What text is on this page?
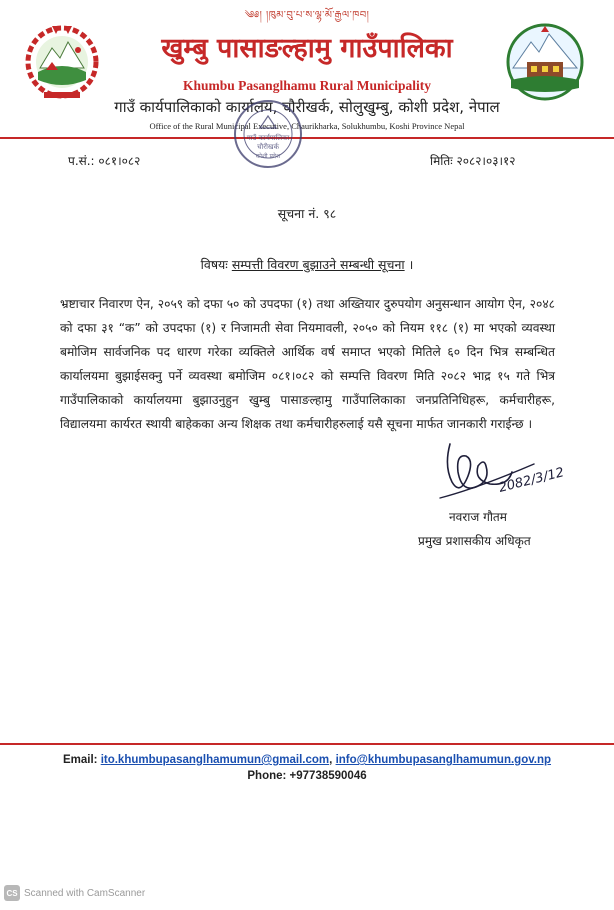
༄༅། །ཁུམ་བུ་པ་ས་ལྷ་མོ་རྒྱལ་ཁབ།
खुम्बु पासाङल्हामु गाउँपालिका
Khumbu Pasanglhamu Rural Municipality
गाउँ कार्यपालिकाको कार्यालय, चौरीखर्क, सोलुखुम्बु, कोशी प्रदेश, नेपाल
Office of the Rural Municipal Executive, Chaurikharka, Solukhumbu, Koshi Province Nepal
गाउँ कार्यपालिका
चौरीखर्क
कोशी प्रदेश
प.सं.: ०८१।०८२	मितिः २०८२।०३।१२
सूचना नं. ९८
विषयः सम्पत्ती विवरण बुझाउने सम्बन्धी सूचना ।
भ्रष्टाचार निवारण ऐन, २०५९ को दफा ५० को उपदफा (१) तथा अख्तियार दुरुपयोग अनुसन्धान आयोग ऐन, २०४८ को दफा ३१ “क” को उपदफा (१) र निजामती सेवा नियमावली, २०५० को नियम ११८ (१) मा भएको व्यवस्था बमोजिम सार्वजनिक पद धारण गरेका व्यक्तिले आर्थिक वर्ष समाप्त भएको मितिले ६० दिन भित्र सम्बन्धित कार्यालयमा बुझाईसक्नु पर्ने व्यवस्था बमोजिम ०८१।०८२ को सम्पत्ति विवरण मिति २०८२ भाद्र १५ गते भित्र गाउँपालिकाको कार्यालयमा बुझाउनुहुन खुम्बु पासाङल्हामु गाउँपालिकाका जनप्रतिनिधिहरू, कर्मचारीहरू, विद्यालयमा कार्यरत स्थायी बाहेकका अन्य शिक्षक तथा कर्मचारीहरुलाई यसै सूचना मार्फत जानकारी गराईन्छ ।
2082/3/12
नवराज गौतम
प्रमुख प्रशासकीय अधिकृत
Email: ito.khumbupasanglhamumun@gmail.com, info@khumbupasanglhamumun.gov.np
Phone: +97738590046
CS Scanned with CamScanner
